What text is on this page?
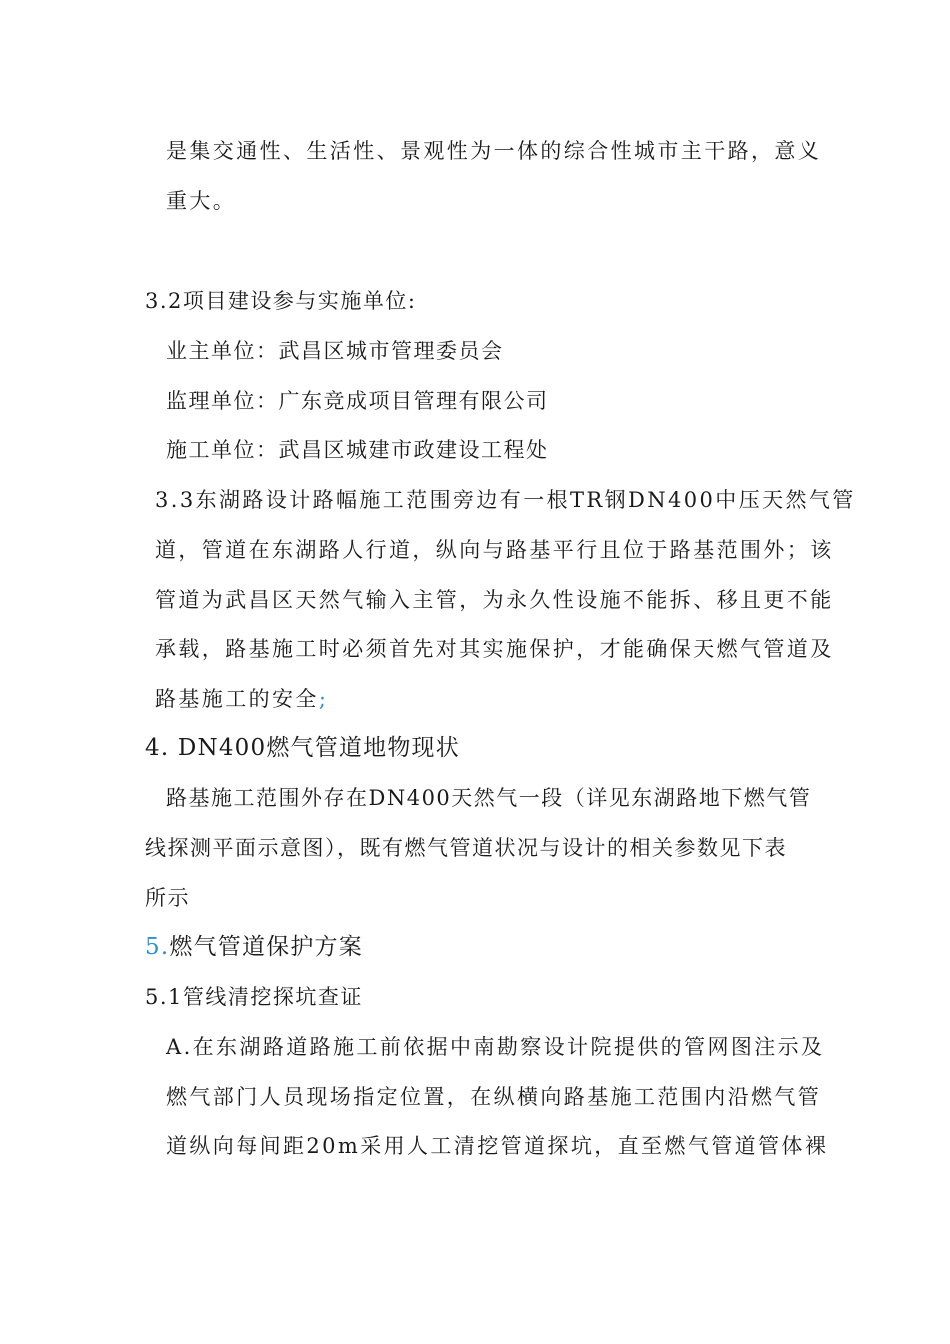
是集交通性、生活性、景观性为一体的综合性城市主干路，意义
重大。
3.2项目建设参与实施单位:
业主单位：武昌区城市管理委员会
监理单位：广东竞成项目管理有限公司
施工单位：武昌区城建市政建设工程处
3.3东湖路设计路幅施工范围旁边有一根TR钢DN400中压天然气管
道，管道在东湖路人行道，纵向与路基平行且位于路基范围外；该
管道为武昌区天然气输入主管，为永久性设施不能拆、移且更不能
承载，路基施工时必须首先对其实施保护，才能确保天燃气管道及
路基施工的安全;
4. DN400燃气管道地物现状
路基施工范围外存在DN400天然气一段（详见东湖路地下燃气管
线探测平面示意图），既有燃气管道状况与设计的相关参数见下表
所示
5.燃气管道保护方案
5.1管线清挖探坑查证
A.在东湖路道路施工前依据中南勘察设计院提供的管网图注示及
燃气部门人员现场指定位置，在纵横向路基施工范围内沿燃气管
道纵向每间距20m采用人工清挖管道探坑，直至燃气管道管体裸
